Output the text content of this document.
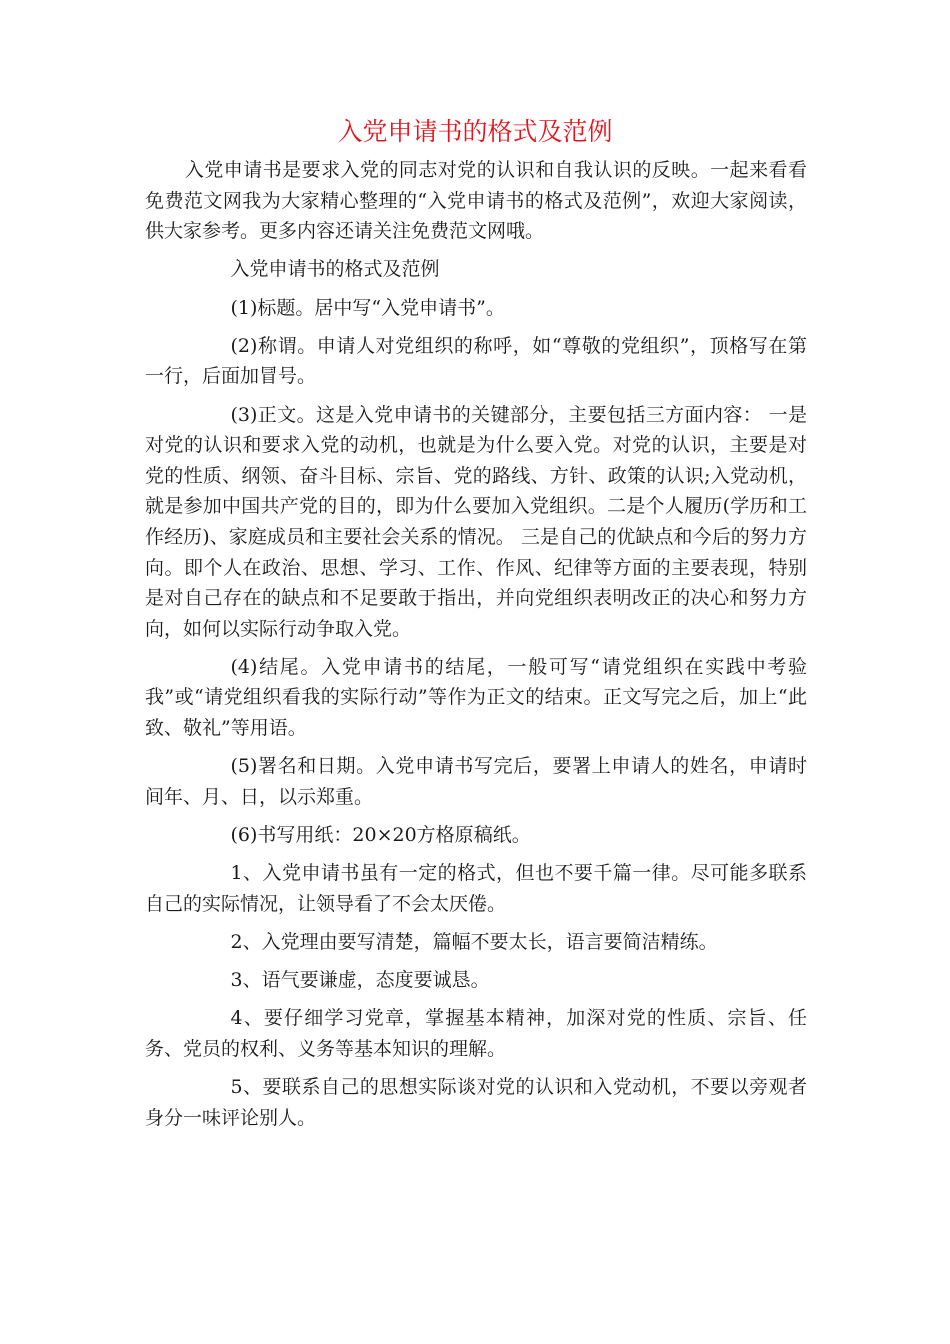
入党申请书的格式及范例

入党申请书是要求入党的同志对党的认识和自我认识的反映。一起来看看免费范文网我为大家精心整理的“入党申请书的格式及范例”，欢迎大家阅读，供大家参考。更多内容还请关注免费范文网哦。

入党申请书的格式及范例

(1)标题。居中写“入党申请书”。

(2)称谓。申请人对党组织的称呼，如“尊敬的党组织”，顶格写在第一行，后面加冒号。

(3)正文。这是入党申请书的关键部分，主要包括三方面内容： 一是对党的认识和要求入党的动机，也就是为什么要入党。对党的认识，主要是对党的性质、纲领、奋斗目标、宗旨、党的路线、方针、政策的认识;入党动机，就是参加中国共产党的目的，即为什么要加入党组织。二是个人履历(学历和工作经历)、家庭成员和主要社会关系的情况。 三是自己的优缺点和今后的努力方向。即个人在政治、思想、学习、工作、作风、纪律等方面的主要表现，特别是对自己存在的缺点和不足要敢于指出，并向党组织表明改正的决心和努力方向，如何以实际行动争取入党。

(4)结尾。入党申请书的结尾，一般可写“请党组织在实践中考验我”或“请党组织看我的实际行动”等作为正文的结束。正文写完之后，加上“此致、敬礼”等用语。

(5)署名和日期。入党申请书写完后，要署上申请人的姓名，申请时间年、月、日，以示郑重。

(6)书写用纸：20×20方格原稿纸。

1、入党申请书虽有一定的格式，但也不要千篇一律。尽可能多联系自己的实际情况，让领导看了不会太厌倦。

2、入党理由要写清楚，篇幅不要太长，语言要简洁精练。

3、语气要谦虚，态度要诚恳。

4、要仔细学习党章，掌握基本精神，加深对党的性质、宗旨、任务、党员的权利、义务等基本知识的理解。

5、要联系自己的思想实际谈对党的认识和入党动机，不要以旁观者身分一味评论别人。
